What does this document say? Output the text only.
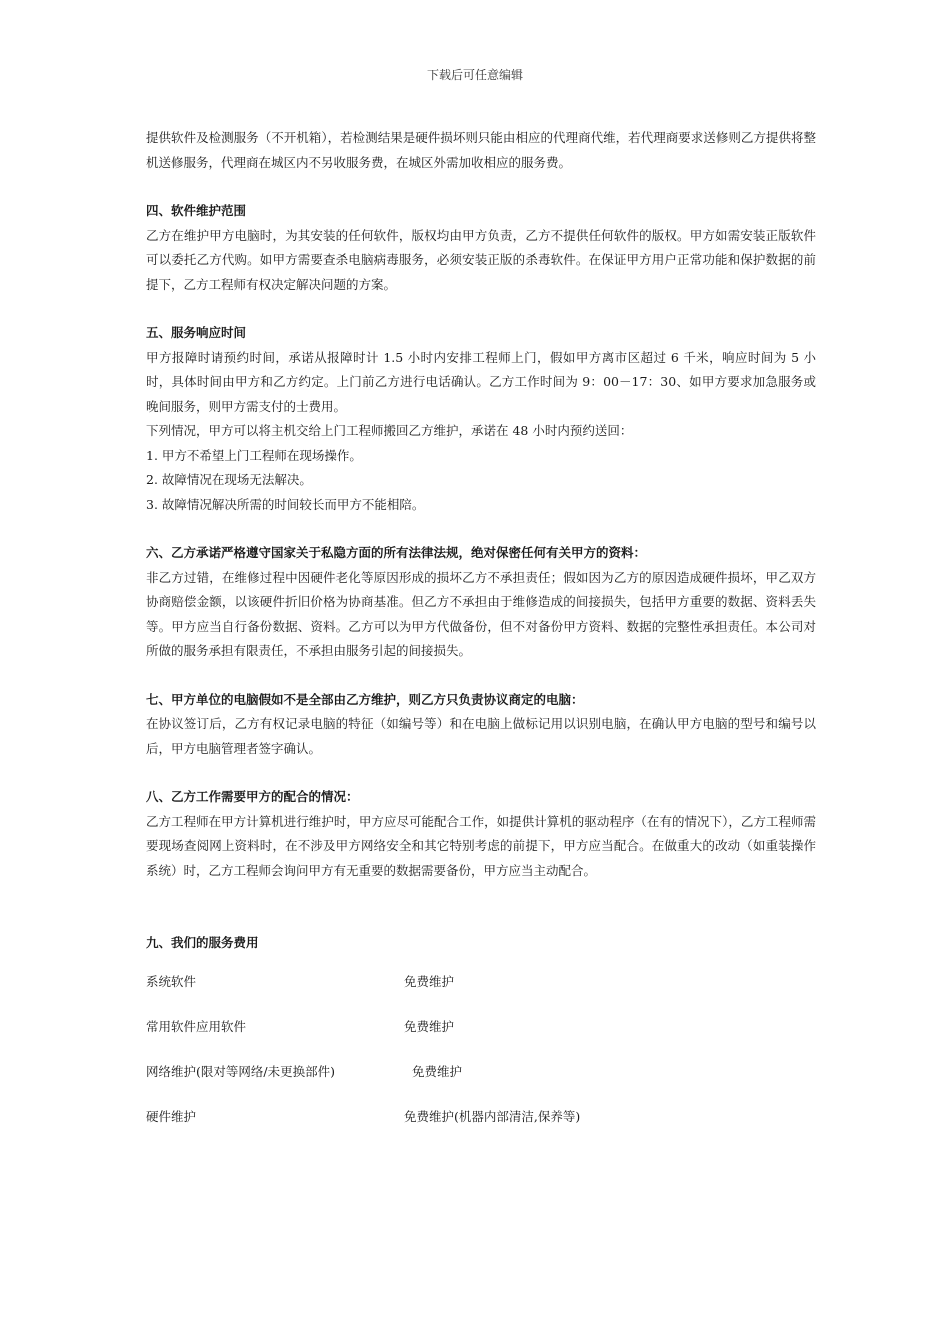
下载后可任意编辑

提供软件及检测服务（不开机箱），若检测结果是硬件损坏则只能由相应的代理商代维，若代理商要求送修则乙方提供将整机送修服务，代理商在城区内不另收服务费，在城区外需加收相应的服务费。

四、软件维护范围

乙方在维护甲方电脑时，为其安装的任何软件，版权均由甲方负责，乙方不提供任何软件的版权。甲方如需安装正版软件可以委托乙方代购。如甲方需要查杀电脑病毒服务，必须安装正版的杀毒软件。在保证甲方用户正常功能和保护数据的前提下，乙方工程师有权决定解决问题的方案。

五、服务响应时间

甲方报障时请预约时间，承诺从报障时计 1.5 小时内安排工程师上门，假如甲方离市区超过 6 千米，响应时间为 5 小时，具体时间由甲方和乙方约定。上门前乙方进行电话确认。乙方工作时间为 9：00－17：30、如甲方要求加急服务或晚间服务，则甲方需支付的士费用。

下列情况，甲方可以将主机交给上门工程师搬回乙方维护，承诺在 48 小时内预约送回：

1. 甲方不希望上门工程师在现场操作。

2. 故障情况在现场无法解决。

3. 故障情况解决所需的时间较长而甲方不能相陪。

六、乙方承诺严格遵守国家关于私隐方面的所有法律法规，绝对保密任何有关甲方的资料：

非乙方过错，在维修过程中因硬件老化等原因形成的损坏乙方不承担责任；假如因为乙方的原因造成硬件损坏，甲乙双方协商赔偿金额，以该硬件折旧价格为协商基准。但乙方不承担由于维修造成的间接损失，包括甲方重要的数据、资料丢失等。甲方应当自行备份数据、资料。乙方可以为甲方代做备份，但不对备份甲方资料、数据的完整性承担责任。本公司对所做的服务承担有限责任，不承担由服务引起的间接损失。

七、甲方单位的电脑假如不是全部由乙方维护，则乙方只负责协议商定的电脑：

在协议签订后，乙方有权记录电脑的特征（如编号等）和在电脑上做标记用以识别电脑，在确认甲方电脑的型号和编号以后，甲方电脑管理者签字确认。

八、乙方工作需要甲方的配合的情况：

乙方工程师在甲方计算机进行维护时，甲方应尽可能配合工作，如提供计算机的驱动程序（在有的情况下），乙方工程师需要现场查阅网上资料时，在不涉及甲方网络安全和其它特别考虑的前提下，甲方应当配合。在做重大的改动（如重装操作系统）时，乙方工程师会询问甲方有无重要的数据需要备份，甲方应当主动配合。

九、我们的服务费用

系统软件	免费维护
常用软件应用软件	免费维护
网络维护(限对等网络/未更换部件)	免费维护
硬件维护	免费维护(机器内部清洁,保养等)
